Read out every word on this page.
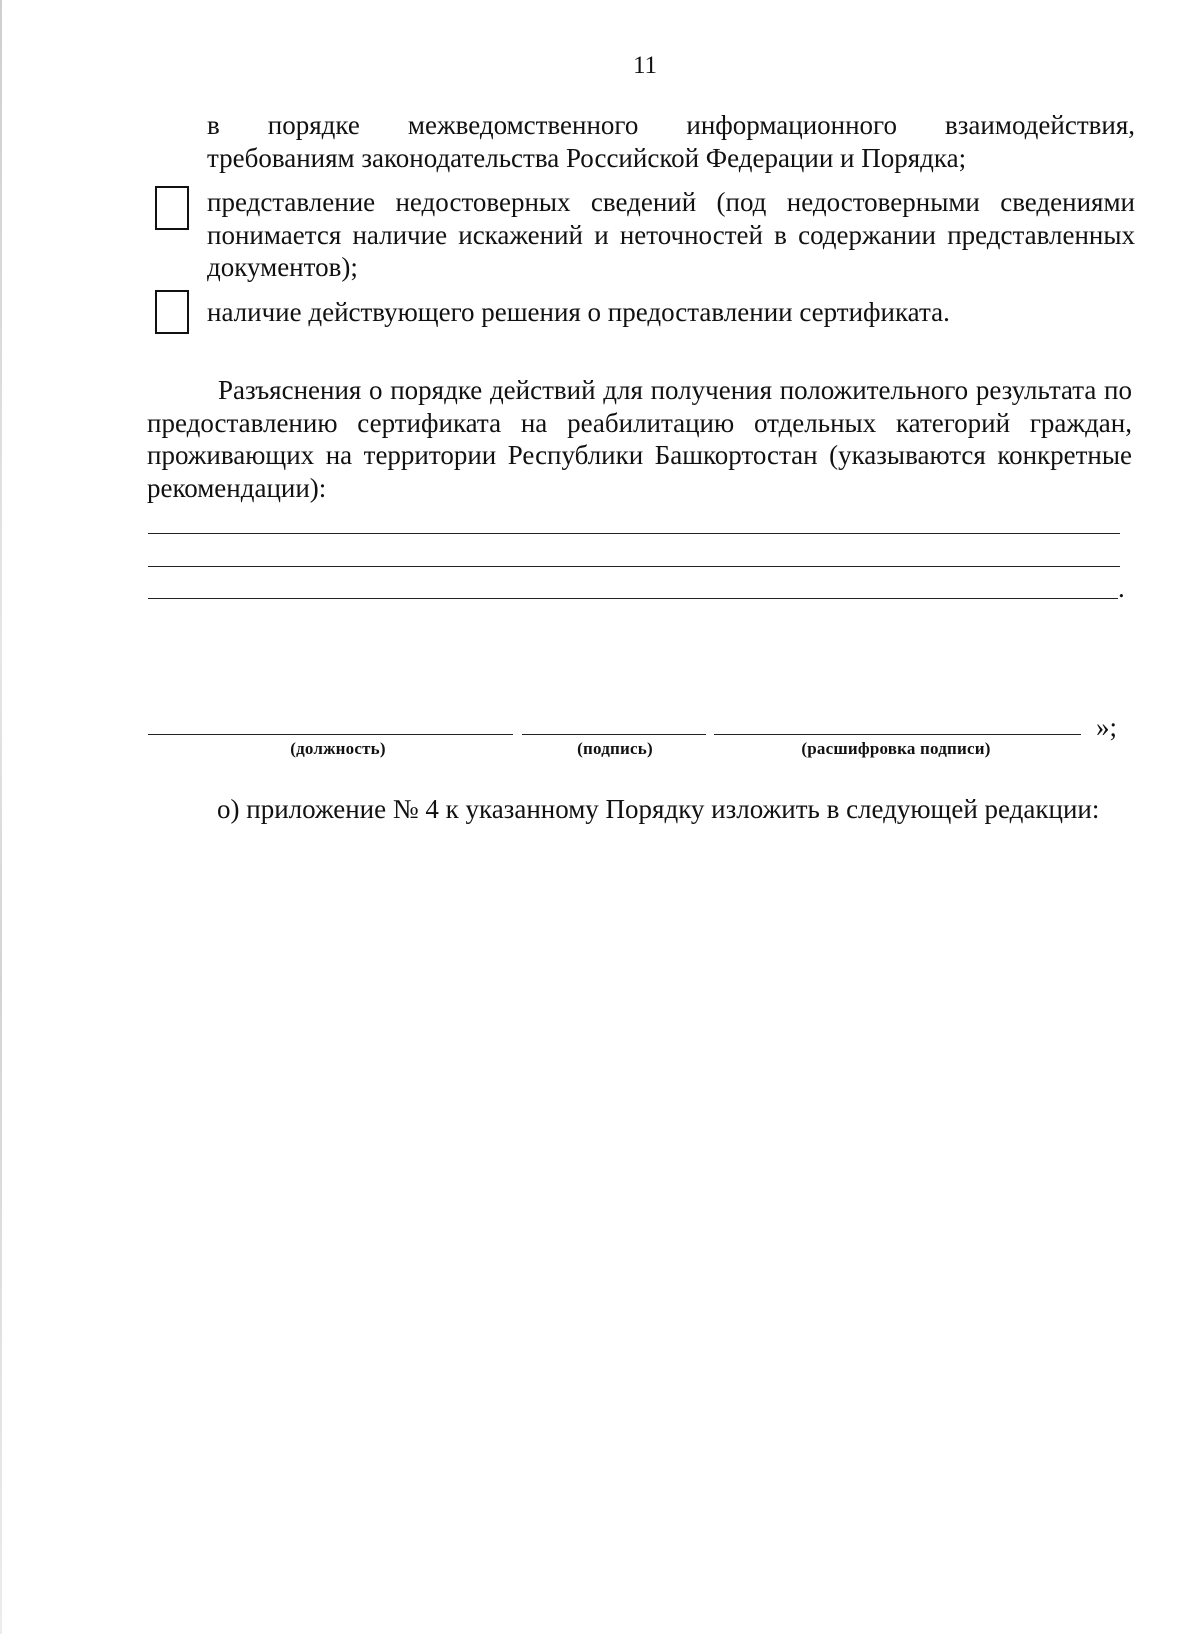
11
в порядке межведомственного информационного взаимодействия,
требованиям законодательства Российской Федерации и Порядка;
представление недостоверных сведений (под недостоверными сведениями понимается наличие искажений и неточностей в содержании представленных документов);
наличие действующего решения о предоставлении сертификата.
Разъяснения о порядке действий для получения положительного результата по предоставлению сертификата на реабилитацию отдельных категорий граждан, проживающих на территории Республики Башкортостан (указываются конкретные рекомендации):
.
»;
(должность)	(подпись)	(расшифровка подписи)
о) приложение № 4 к указанному Порядку изложить в следующей редакции:
